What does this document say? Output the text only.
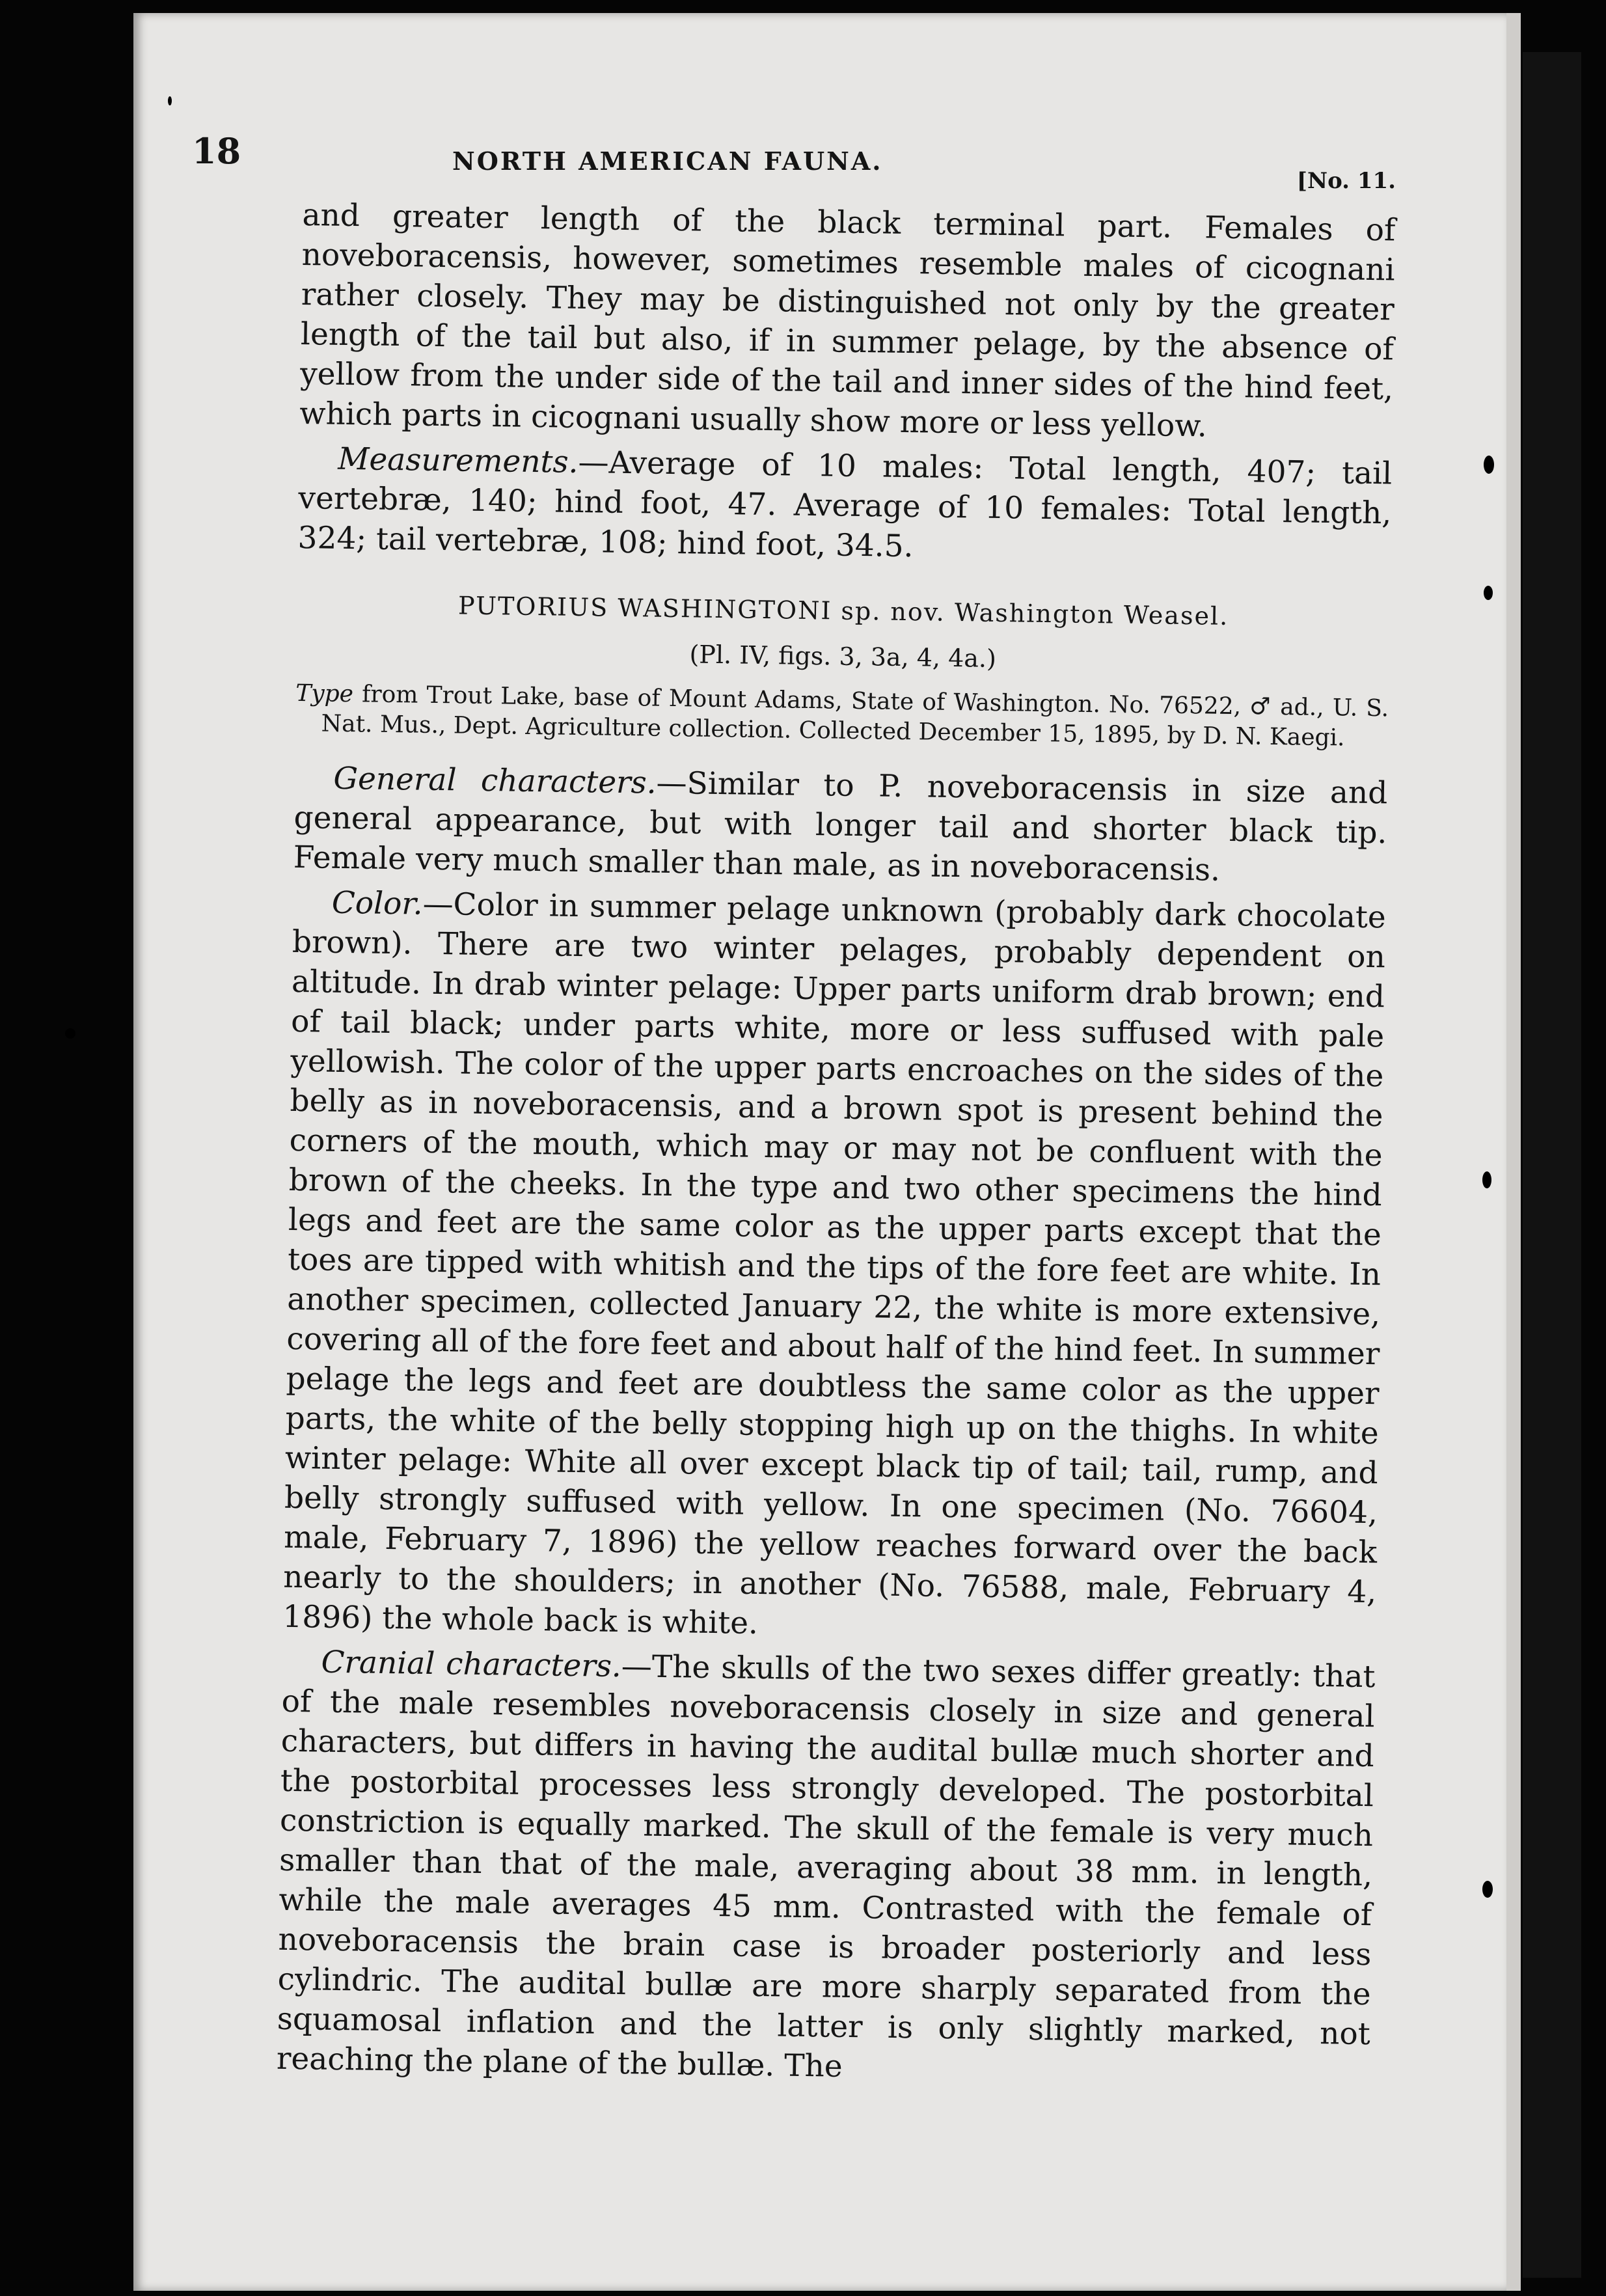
18	NORTH AMERICAN FAUNA.
[No. 11.

and greater length of the black terminal part. Females of noveboracensis, however, sometimes resemble males of cicognani rather closely. They may be distinguished not only by the greater length of the tail but also, if in summer pelage, by the absence of yellow from the under side of the tail and inner sides of the hind feet, which parts in cicognani usually show more or less yellow.

Measurements.—Average of 10 males: Total length, 407; tail vertebræ, 140; hind foot, 47. Average of 10 females: Total length, 324; tail vertebræ, 108; hind foot, 34.5.

PUTORIUS WASHINGTONI sp. nov. Washington Weasel.
(Pl. IV, figs. 3, 3a, 4, 4a.)
Type from Trout Lake, base of Mount Adams, State of Washington. No. 76522, ♂ ad., U. S. Nat. Mus., Dept. Agriculture collection. Collected December 15, 1895, by D. N. Kaegi.

General characters.—Similar to P. noveboracensis in size and general appearance, but with longer tail and shorter black tip. Female very much smaller than male, as in noveboracensis.

Color.—Color in summer pelage unknown (probably dark chocolate brown). There are two winter pelages, probably dependent on altitude. In drab winter pelage: Upper parts uniform drab brown; end of tail black; under parts white, more or less suffused with pale yellowish. The color of the upper parts encroaches on the sides of the belly as in noveboracensis, and a brown spot is present behind the corners of the mouth, which may or may not be confluent with the brown of the cheeks. In the type and two other specimens the hind legs and feet are the same color as the upper parts except that the toes are tipped with whitish and the tips of the fore feet are white. In another specimen, collected January 22, the white is more extensive, covering all of the fore feet and about half of the hind feet. In summer pelage the legs and feet are doubtless the same color as the upper parts, the white of the belly stopping high up on the thighs. In white winter pelage: White all over except black tip of tail; tail, rump, and belly strongly suffused with yellow. In one specimen (No. 76604, male, February 7, 1896) the yellow reaches forward over the back nearly to the shoulders; in another (No. 76588, male, February 4, 1896) the whole back is white.

Cranial characters.—The skulls of the two sexes differ greatly: that of the male resembles noveboracensis closely in size and general characters, but differs in having the audital bullæ much shorter and the postorbital processes less strongly developed. The postorbital constriction is equally marked. The skull of the female is very much smaller than that of the male, averaging about 38 mm. in length, while the male averages 45 mm. Contrasted with the female of noveboracensis the brain case is broader posteriorly and less cylindric. The audital bullæ are more sharply separated from the squamosal inflation and the latter is only slightly marked, not reaching the plane of the bullæ. The
